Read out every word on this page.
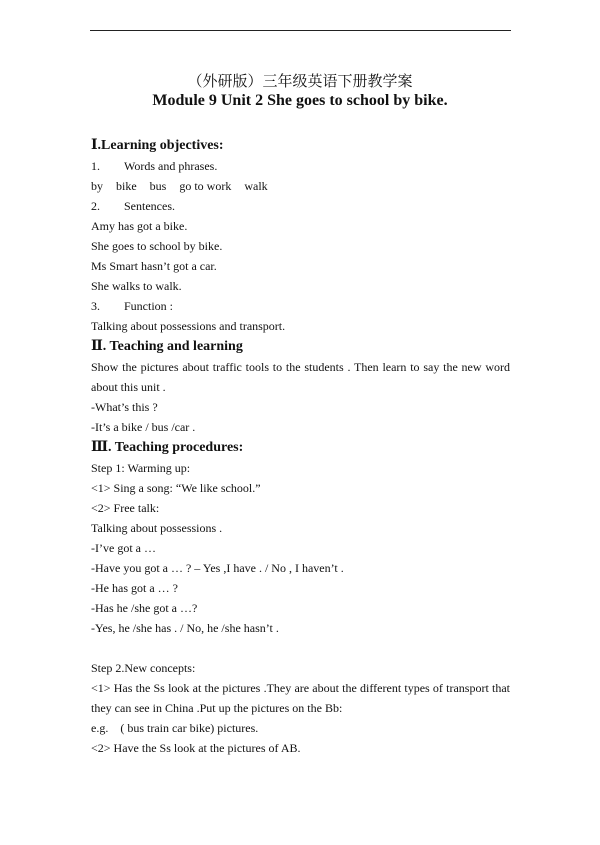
（外研版）三年级英语下册教学案
Module 9 Unit 2 She goes to school by bike.
Ⅰ.Learning objectives:
1. Words and phrases.
by bike bus go to work walk
2. Sentences.
Amy has got a bike.
She goes to school by bike.
Ms Smart hasn’t got a car.
She walks to walk.
3. Function :
Talking about possessions and transport.
Ⅱ. Teaching and learning
Show the pictures about traffic tools to the students . Then learn to say the new word about this unit .
-What’s this ?
-It’s a bike / bus /car .
Ⅲ. Teaching procedures:
Step 1: Warming up:
<1> Sing a song: “We like school.”
<2> Free talk:
Talking about possessions .
-I’ve got a …
-Have you got a … ? – Yes ,I have . / No , I haven’t .
-He has got a … ?
-Has he /she got a …?
-Yes, he /she has . / No, he /she hasn’t .
Step 2.New concepts:
<1> Has the Ss look at the pictures .They are about the different types of transport that they can see in China .Put up the pictures on the Bb:
e.g.    ( bus train car bike) pictures.
<2> Have the Ss look at the pictures of AB.
